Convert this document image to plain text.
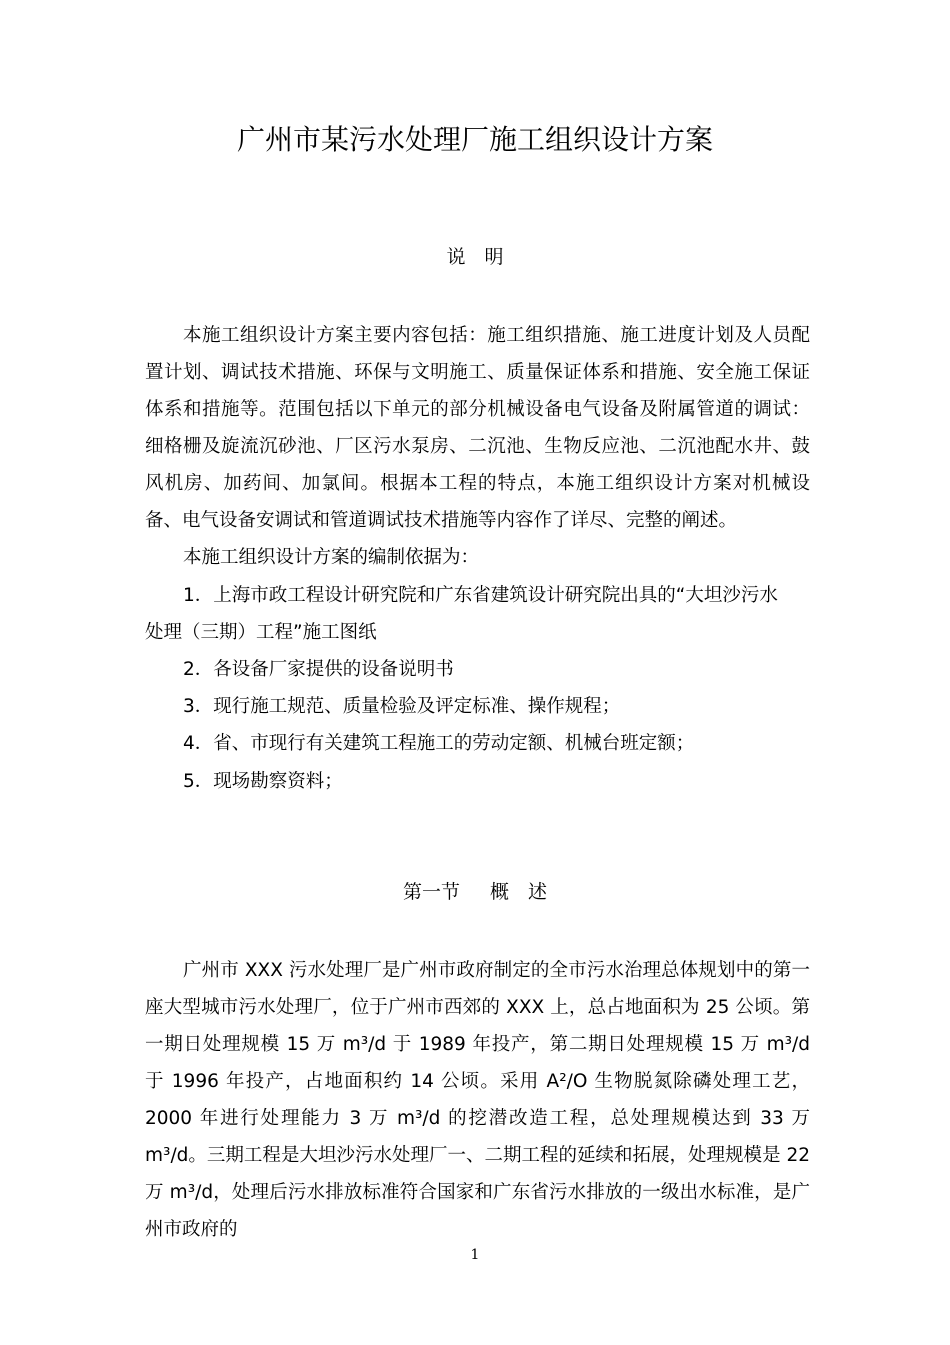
广州市某污水处理厂施工组织设计方案
说　明
本施工组织设计方案主要内容包括：施工组织措施、施工进度计划及人员配置计划、调试技术措施、环保与文明施工、质量保证体系和措施、安全施工保证体系和措施等。范围包括以下单元的部分机械设备电气设备及附属管道的调试：细格栅及旋流沉砂池、厂区污水泵房、二沉池、生物反应池、二沉池配水井、鼓风机房、加药间、加氯间。根据本工程的特点，本施工组织设计方案对机械设备、电气设备安调试和管道调试技术措施等内容作了详尽、完整的阐述。
本施工组织设计方案的编制依据为：
1．上海市政工程设计研究院和广东省建筑设计研究院出具的“大坦沙污水
处理（三期）工程”施工图纸
2．各设备厂家提供的设备说明书
3．现行施工规范、质量检验及评定标准、操作规程；
4．省、市现行有关建筑工程施工的劳动定额、机械台班定额；
5．现场勘察资料；
第一节 概　述
广州市 XXX 污水处理厂是广州市政府制定的全市污水治理总体规划中的第一座大型城市污水处理厂，位于广州市西郊的 XXX 上，总占地面积为 25 公顷。第一期日处理规模 15 万 m³/d 于 1989 年投产，第二期日处理规模 15 万 m³/d 于 1996 年投产，占地面积约 14 公顷。采用 A²/O 生物脱氮除磷处理工艺，2000 年进行处理能力 3 万 m³/d 的挖潜改造工程，总处理规模达到 33 万 m³/d。三期工程是大坦沙污水处理厂一、二期工程的延续和拓展，处理规模是 22 万 m³/d，处理后污水排放标准符合国家和广东省污水排放的一级出水标准，是广州市政府的
1
